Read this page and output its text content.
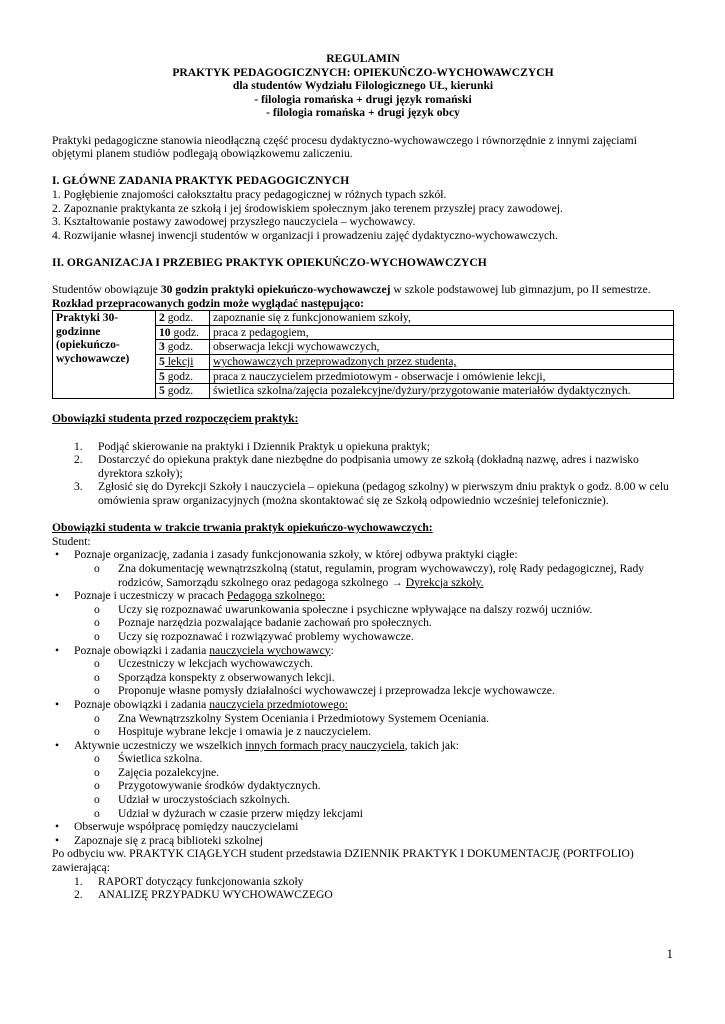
REGULAMIN

PRAKTYK PEDAGOGICZNYCH: OPIEKUŃCZO-WYCHOWAWCZYCH

dla studentów Wydziału Filologicznego UŁ, kierunki

- filologia romańska + drugi język romański

- filologia romańska + drugi język obcy

Praktyki pedagogiczne stanowia nieodłączną część procesu dydaktyczno-wychowawczego i równorzędnie z innymi zajęciami objętymi planem studiów podlegają obowiązkowemu zaliczeniu.

I. GŁÓWNE ZADANIA PRAKTYK PEDAGOGICZNYCH

1. Pogłębienie znajomości całokształtu pracy pedagogicznej w różnych typach szkół.

2. Zapoznanie praktykanta ze szkołą i jej środowiskiem społecznym jako terenem przyszłej pracy zawodowej.

3. Kształtowanie postawy zawodowej przyszłego nauczyciela – wychowawcy.

4. Rozwijanie własnej inwencji studentów w organizacji i prowadzeniu zajęć dydaktyczno-wychowawczych.

II. ORGANIZACJA I PRZEBIEG PRAKTYK OPIEKUŃCZO-WYCHOWAWCZYCH

Studentów obowiązuje 30 godzin praktyki opiekuńczo-wychowawczej w szkole podstawowej lub gimnazjum, po II semestrze.

Rozkład przepracowanych godzin może wyglądać następująco:

Praktyki 30-godzinne (opiekuńczo-wychowawcze)	2 godz.	zapoznanie się z funkcjonowaniem szkoły,
	10 godz.	praca z pedagogiem,
	3 godz.	obserwacja lekcji wychowawczych,
	5 lekcji	wychowawczych przeprowadzonych przez studenta,
	5 godz.	praca z nauczycielem przedmiotowym - obserwacje i omówienie lekcji,
	5 godz.	świetlica szkolna/zajęcia pozalekcyjne/dyżury/przygotowanie materiałów dydaktycznych.

Obowiązki studenta przed rozpoczęciem praktyk:

1. Podjąć skierowanie na praktyki i Dziennik Praktyk u opiekuna praktyk;
2. Dostarczyć do opiekuna praktyk dane niezbędne do podpisania umowy ze szkołą (dokładną nazwę, adres i nazwisko dyrektora szkoły);
3. Zgłosić się do Dyrekcji Szkoły i nauczyciela – opiekuna (pedagog szkolny) w pierwszym dniu praktyk o godz. 8.00 w celu omówienia spraw organizacyjnych (można skontaktować się ze Szkołą odpowiednio wcześniej telefonicznie).

Obowiązki studenta w trakcie trwania praktyk opiekuńczo-wychowawczych:

Student:

• Poznaje organizację, zadania i zasady funkcjonowania szkoły, w której odbywa praktyki ciągłe:
o Zna dokumentację wewnątrzszkolną (statut, regulamin, program wychowawczy), rolę Rady pedagogicznej, Rady rodziców, Samorządu szkolnego oraz pedagoga szkolnego → Dyrekcja szkoły.
• Poznaje i uczestniczy w pracach Pedagoga szkolnego:
o Uczy się rozpoznawać uwarunkowania społeczne i psychiczne wpływające na dalszy rozwój uczniów.
o Poznaje narzędzia pozwalające badanie zachowań pro społecznych.
o Uczy się rozpoznawać i rozwiązywać problemy wychowawcze.
• Poznaje obowiązki i zadania nauczyciela wychowawcy:
o Uczestniczy w lekcjach wychowawczych.
o Sporządza konspekty z obserwowanych lekcji.
o Proponuje własne pomysły działalności wychowawczej i przeprowadza lekcje wychowawcze.
• Poznaje obowiązki i zadania nauczyciela przedmiotowego:
o Zna Wewnątrzszkolny System Oceniania i Przedmiotowy Systemem Oceniania.
o Hospituje wybrane lekcje i omawia je z nauczycielem.
• Aktywnie uczestniczy we wszelkich innych formach pracy nauczyciela, takich jak:
o Świetlica szkolna.
o Zajęcia pozalekcyjne.
o Przygotowywanie środków dydaktycznych.
o Udział w uroczystościach szkolnych.
o Udział w dyżurach w czasie przerw między lekcjami
• Obserwuje współpracę pomiędzy nauczycielami
• Zapoznaje się z pracą biblioteki szkolnej

Po odbyciu ww. PRAKTYK CIĄGŁYCH student przedstawia DZIENNIK PRAKTYK I DOKUMENTACJĘ (PORTFOLIO) zawierającą:

1. RAPORT dotyczący funkcjonowania szkoły
2. ANALIZĘ PRZYPADKU WYCHOWAWCZEGO
1
